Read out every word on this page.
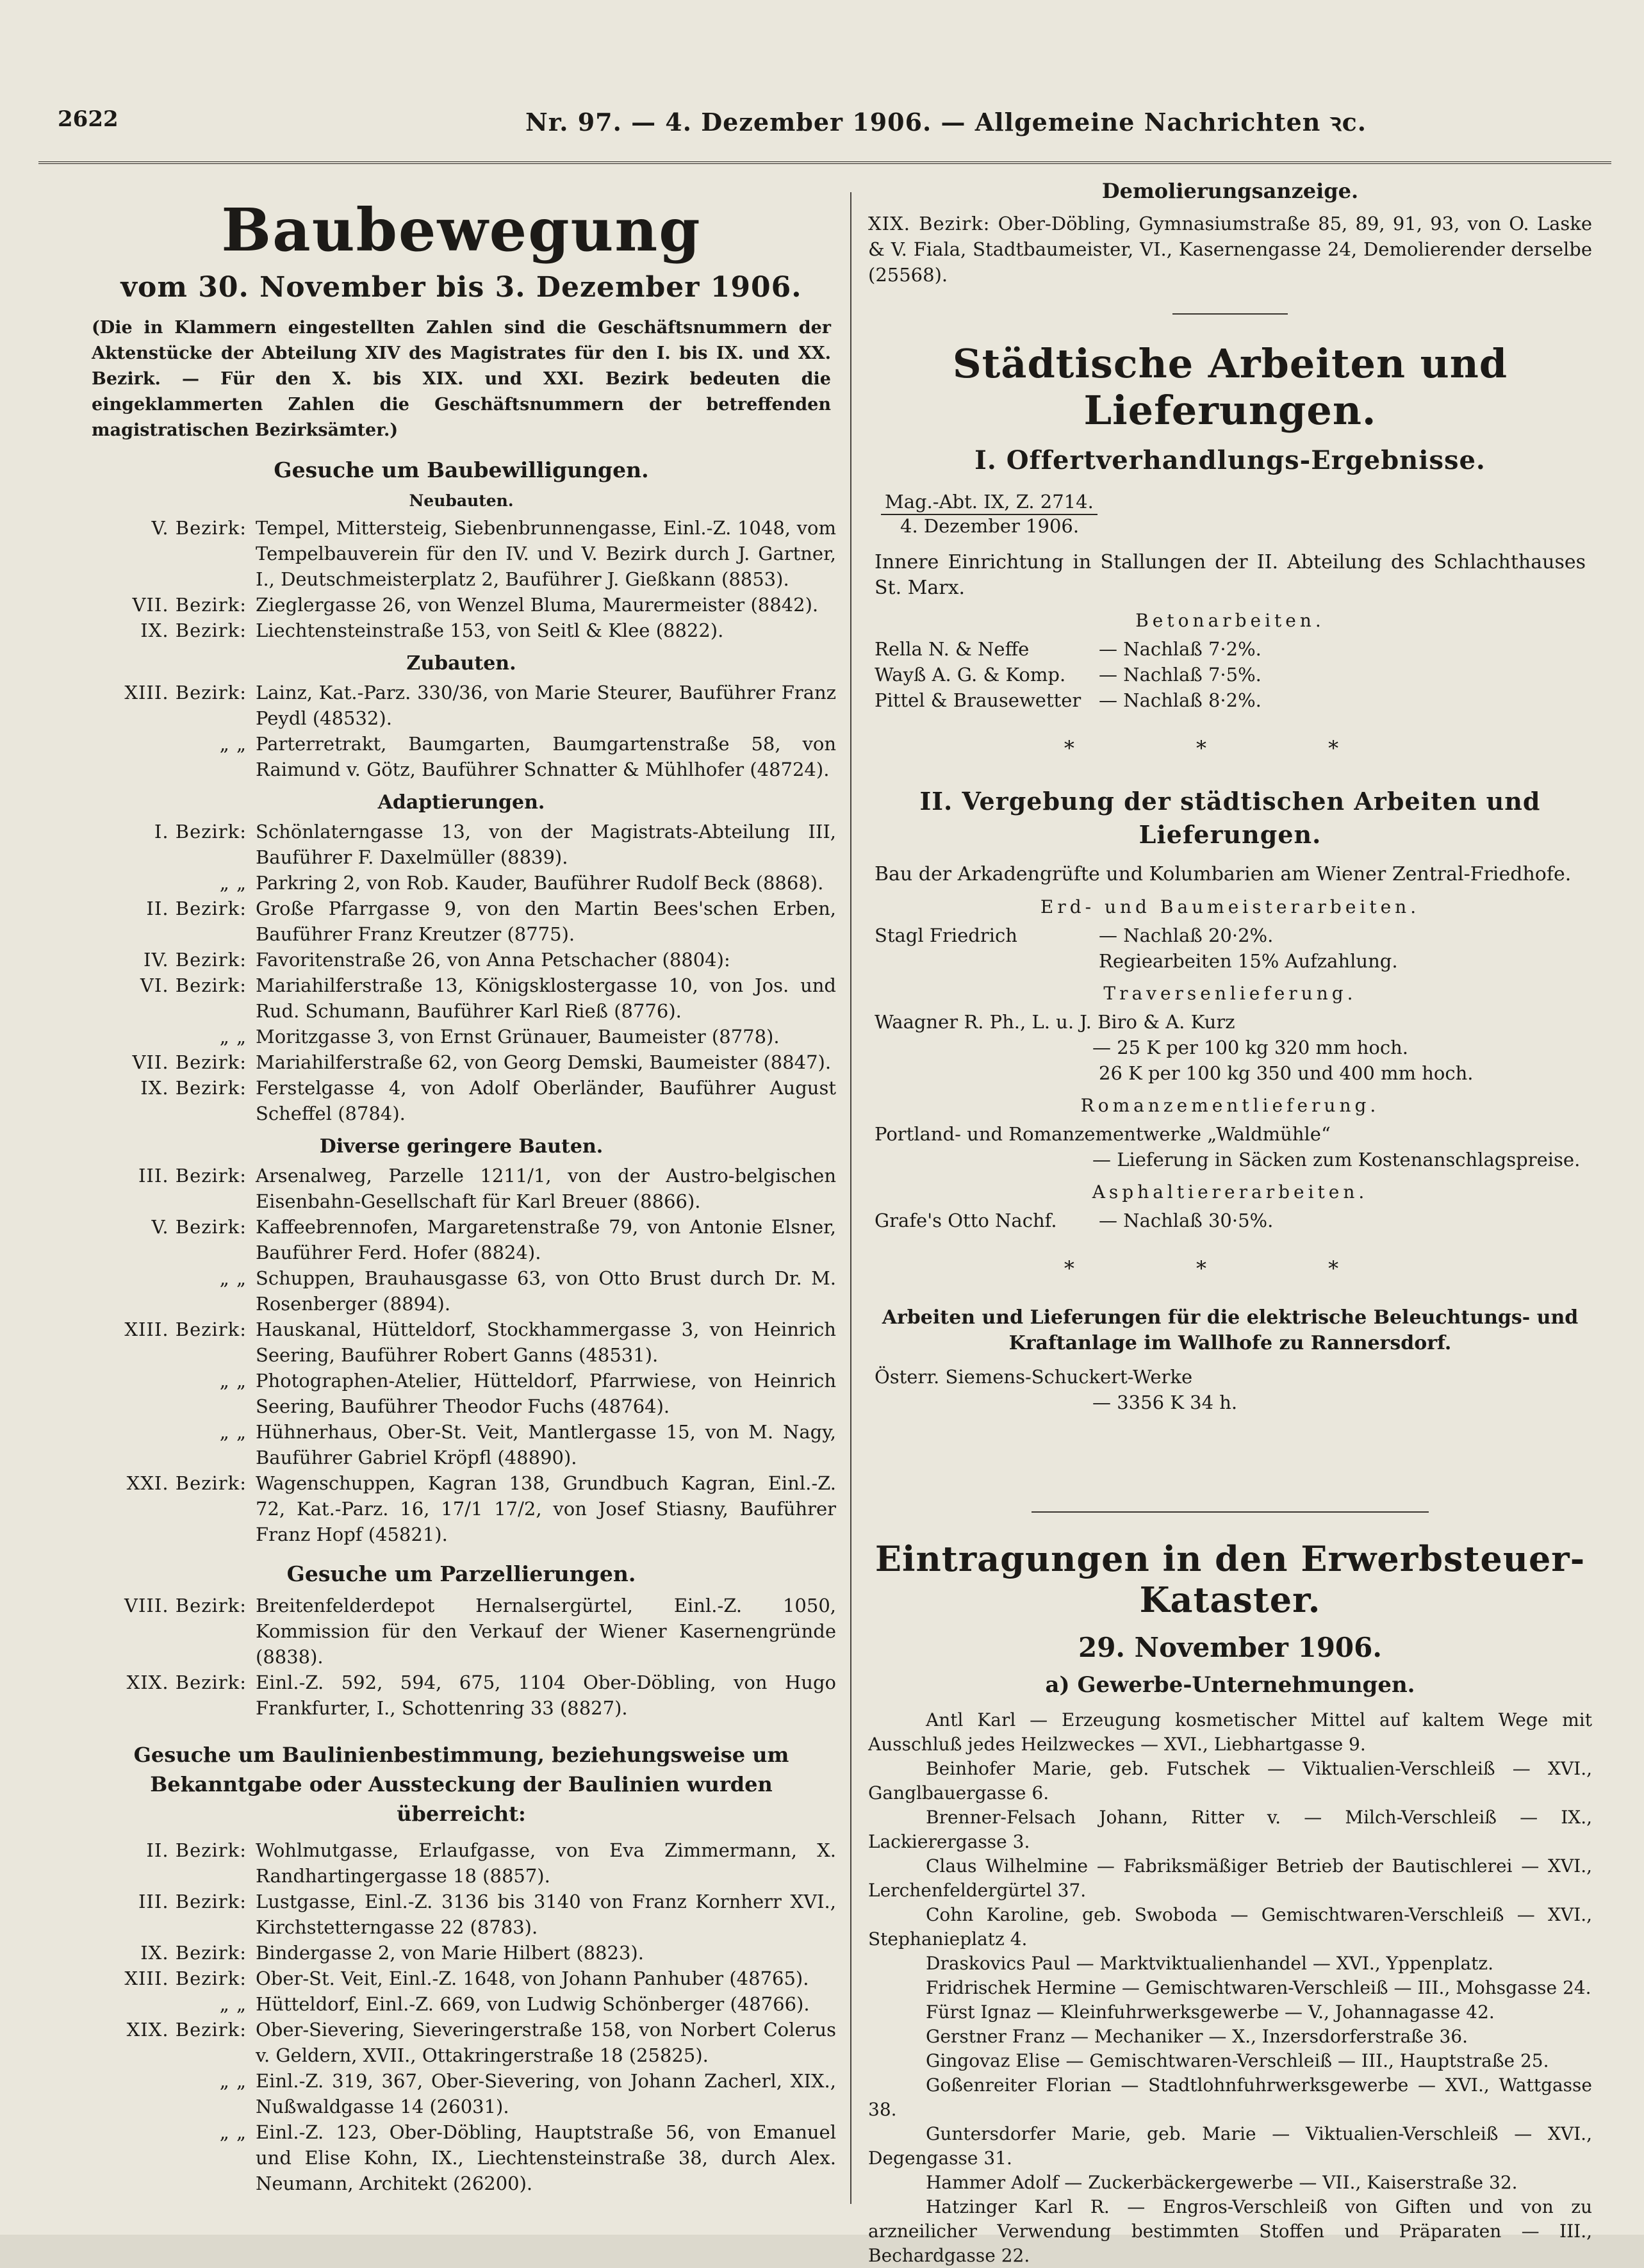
2622	Nr. 97. — 4. Dezember 1906. — Allgemeine Nachrichten ꝛc.
Baubewegung
vom 30. November bis 3. Dezember 1906.
(Die in Klammern eingestellten Zahlen sind die Geschäftsnummern der Aktenstücke der Abteilung XIV des Magistrates für den I. bis IX. und XX. Bezirk. — Für den X. bis XIX. und XXI. Bezirk bedeuten die eingeklammerten Zahlen die Geschäftsnummern der betreffenden magistratischen Bezirksämter.)
Gesuche um Baubewilligungen.
Neubauten.
V. Bezirk: Tempel, Mittersteig, Siebenbrunnengasse, Einl.-Z. 1048, vom Tempelbauverein für den IV. und V. Bezirk durch J. Gartner, I., Deutschmeisterplatz 2, Bauführer J. Gießkann (8853).
VII. Bezirk: Zieglergasse 26, von Wenzel Bluma, Maurermeister (8842).
IX. Bezirk: Liechtensteinstraße 153, von Seitl & Klee (8822).
Zubauten.
XIII. Bezirk: Lainz, Kat.-Parz. 330/36, von Marie Steurer, Bauführer Franz Peydl (48532).
„ „ Parterretrakt, Baumgarten, Baumgartenstraße 58, von Raimund v. Götz, Bauführer Schnatter & Mühlhofer (48724).
Adaptierungen.
I. Bezirk: Schönlaterngasse 13, von der Magistrats-Abteilung III, Bauführer F. Daxelmüller (8839).
„ „ Parkring 2, von Rob. Kauder, Bauführer Rudolf Beck (8868).
II. Bezirk: Große Pfarrgasse 9, von den Martin Bees'schen Erben, Bauführer Franz Kreutzer (8775).
IV. Bezirk: Favoritenstraße 26, von Anna Petschacher (8804):
VI. Bezirk: Mariahilferstraße 13, Königsklostergasse 10, von Jos. und Rud. Schumann, Bauführer Karl Rieß (8776).
„ „ Moritzgasse 3, von Ernst Grünauer, Baumeister (8778).
VII. Bezirk: Mariahilferstraße 62, von Georg Demski, Baumeister (8847).
IX. Bezirk: Ferstelgasse 4, von Adolf Oberländer, Bauführer August Scheffel (8784).
Diverse geringere Bauten.
III. Bezirk: Arsenalweg, Parzelle 1211/1, von der Austro-belgischen Eisenbahn-Gesellschaft für Karl Breuer (8866).
V. Bezirk: Kaffeebrennofen, Margaretenstraße 79, von Antonie Elsner, Bauführer Ferd. Hofer (8824).
„ „ Schuppen, Brauhausgasse 63, von Otto Brust durch Dr. M. Rosenberger (8894).
XIII. Bezirk: Hauskanal, Hütteldorf, Stockhammergasse 3, von Heinrich Seering, Bauführer Robert Ganns (48531).
„ „ Photographen-Atelier, Hütteldorf, Pfarrwiese, von Heinrich Seering, Bauführer Theodor Fuchs (48764).
„ „ Hühnerhaus, Ober-St. Veit, Mantlergasse 15, von M. Nagy, Bauführer Gabriel Kröpfl (48890).
XXI. Bezirk: Wagenschuppen, Kagran 138, Grundbuch Kagran, Einl.-Z. 72, Kat.-Parz. 16, 17/1 17/2, von Josef Stiasny, Bauführer Franz Hopf (45821).
Gesuche um Parzellierungen.
VIII. Bezirk: Breitenfelderdepot Hernalsergürtel, Einl.-Z. 1050, Kommission für den Verkauf der Wiener Kasernengründe (8838).
XIX. Bezirk: Einl.-Z. 592, 594, 675, 1104 Ober-Döbling, von Hugo Frankfurter, I., Schottenring 33 (8827).
Gesuche um Baulinienbestimmung, beziehungsweise um Bekanntgabe oder Aussteckung der Baulinien wurden überreicht:
II. Bezirk: Wohlmutgasse, Erlaufgasse, von Eva Zimmermann, X. Randhartingergasse 18 (8857).
III. Bezirk: Lustgasse, Einl.-Z. 3136 bis 3140 von Franz Kornherr XVI., Kirchstetterngasse 22 (8783).
IX. Bezirk: Bindergasse 2, von Marie Hilbert (8823).
XIII. Bezirk: Ober-St. Veit, Einl.-Z. 1648, von Johann Panhuber (48765).
„ „ Hütteldorf, Einl.-Z. 669, von Ludwig Schönberger (48766).
XIX. Bezirk: Ober-Sievering, Sieveringerstraße 158, von Norbert Colerus v. Geldern, XVII., Ottakringerstraße 18 (25825).
„ „ Einl.-Z. 319, 367, Ober-Sievering, von Johann Zacherl, XIX., Nußwaldgasse 14 (26031).
„ „ Einl.-Z. 123, Ober-Döbling, Hauptstraße 56, von Emanuel und Elise Kohn, IX., Liechtensteinstraße 38, durch Alex. Neumann, Architekt (26200).
Demolierungsanzeige.
XIX. Bezirk: Ober-Döbling, Gymnasiumstraße 85, 89, 91, 93, von O. Laske & V. Fiala, Stadtbaumeister, VI., Kasernengasse 24, Demolierender derselbe (25568).
Städtische Arbeiten und Lieferungen.
I. Offertverhandlungs-Ergebnisse.
Mag.-Abt. IX, Z. 2714.
4. Dezember 1906.
Innere Einrichtung in Stallungen der II. Abteilung des Schlachthauses St. Marx.
Betonarbeiten.
Rella N. & Neffe	— Nachlaß 7·2%.
Wayß A. G. & Komp.	— Nachlaß 7·5%.
Pittel & Brausewetter — Nachlaß 8·2%.
* * *
II. Vergebung der städtischen Arbeiten und Lieferungen.
Bau der Arkadengrüfte und Kolumbarien am Wiener Zentral-Friedhofe.
Erd- und Baumeisterarbeiten.
Stagl Friedrich	— Nachlaß 20·2%.
Regiearbeiten 15% Aufzahlung.
Traversenlieferung.
Waagner R. Ph., L. u. J. Biro & A. Kurz
— 25 K per 100 kg 320 mm hoch.
26 K per 100 kg 350 und 400 mm hoch.
Romanzementlieferung.
Portland- und Romanzementwerke „Waldmühle“
— Lieferung in Säcken zum Kostenanschlagspreise.
Asphaltiererarbeiten.
Grafe's Otto Nachf.	— Nachlaß 30·5%.
* * *
Arbeiten und Lieferungen für die elektrische Beleuchtungs- und Kraftanlage im Wallhofe zu Rannersdorf.
Österr. Siemens-Schuckert-Werke
— 3356 K 34 h.
Eintragungen in den Erwerbsteuer-Kataster.
29. November 1906.
a) Gewerbe-Unternehmungen.

Antl Karl — Erzeugung kosmetischer Mittel auf kaltem Wege mit Ausschluß jedes Heilzweckes — XVI., Liebhartgasse 9.

Beinhofer Marie, geb. Futschek — Viktualien-Verschleiß — XVI., Ganglbauergasse 6.

Brenner-Felsach Johann, Ritter v. — Milch-Verschleiß — IX., Lackierergasse 3.

Claus Wilhelmine — Fabriksmäßiger Betrieb der Bautischlerei — XVI., Lerchenfeldergürtel 37.

Cohn Karoline, geb. Swoboda — Gemischtwaren-Verschleiß — XVI., Stephanieplatz 4.

Draskovics Paul — Marktviktualienhandel — XVI., Yppenplatz.

Fridrischek Hermine — Gemischtwaren-Verschleiß — III., Mohsgasse 24.

Fürst Ignaz — Kleinfuhrwerksgewerbe — V., Johannagasse 42.

Gerstner Franz — Mechaniker — X., Inzersdorferstraße 36.

Gingovaz Elise — Gemischtwaren-Verschleiß — III., Hauptstraße 25.

Goßenreiter Florian — Stadtlohnfuhrwerksgewerbe — XVI., Wattgasse 38.

Guntersdorfer Marie, geb. Marie — Viktualien-Verschleiß — XVI., Degengasse 31.

Hammer Adolf — Zuckerbäckergewerbe — VII., Kaiserstraße 32.

Hatzinger Karl R. — Engros-Verschleiß von Giften und von zu arzneilicher Verwendung bestimmten Stoffen und Präparaten — III., Bechardgasse 22.
